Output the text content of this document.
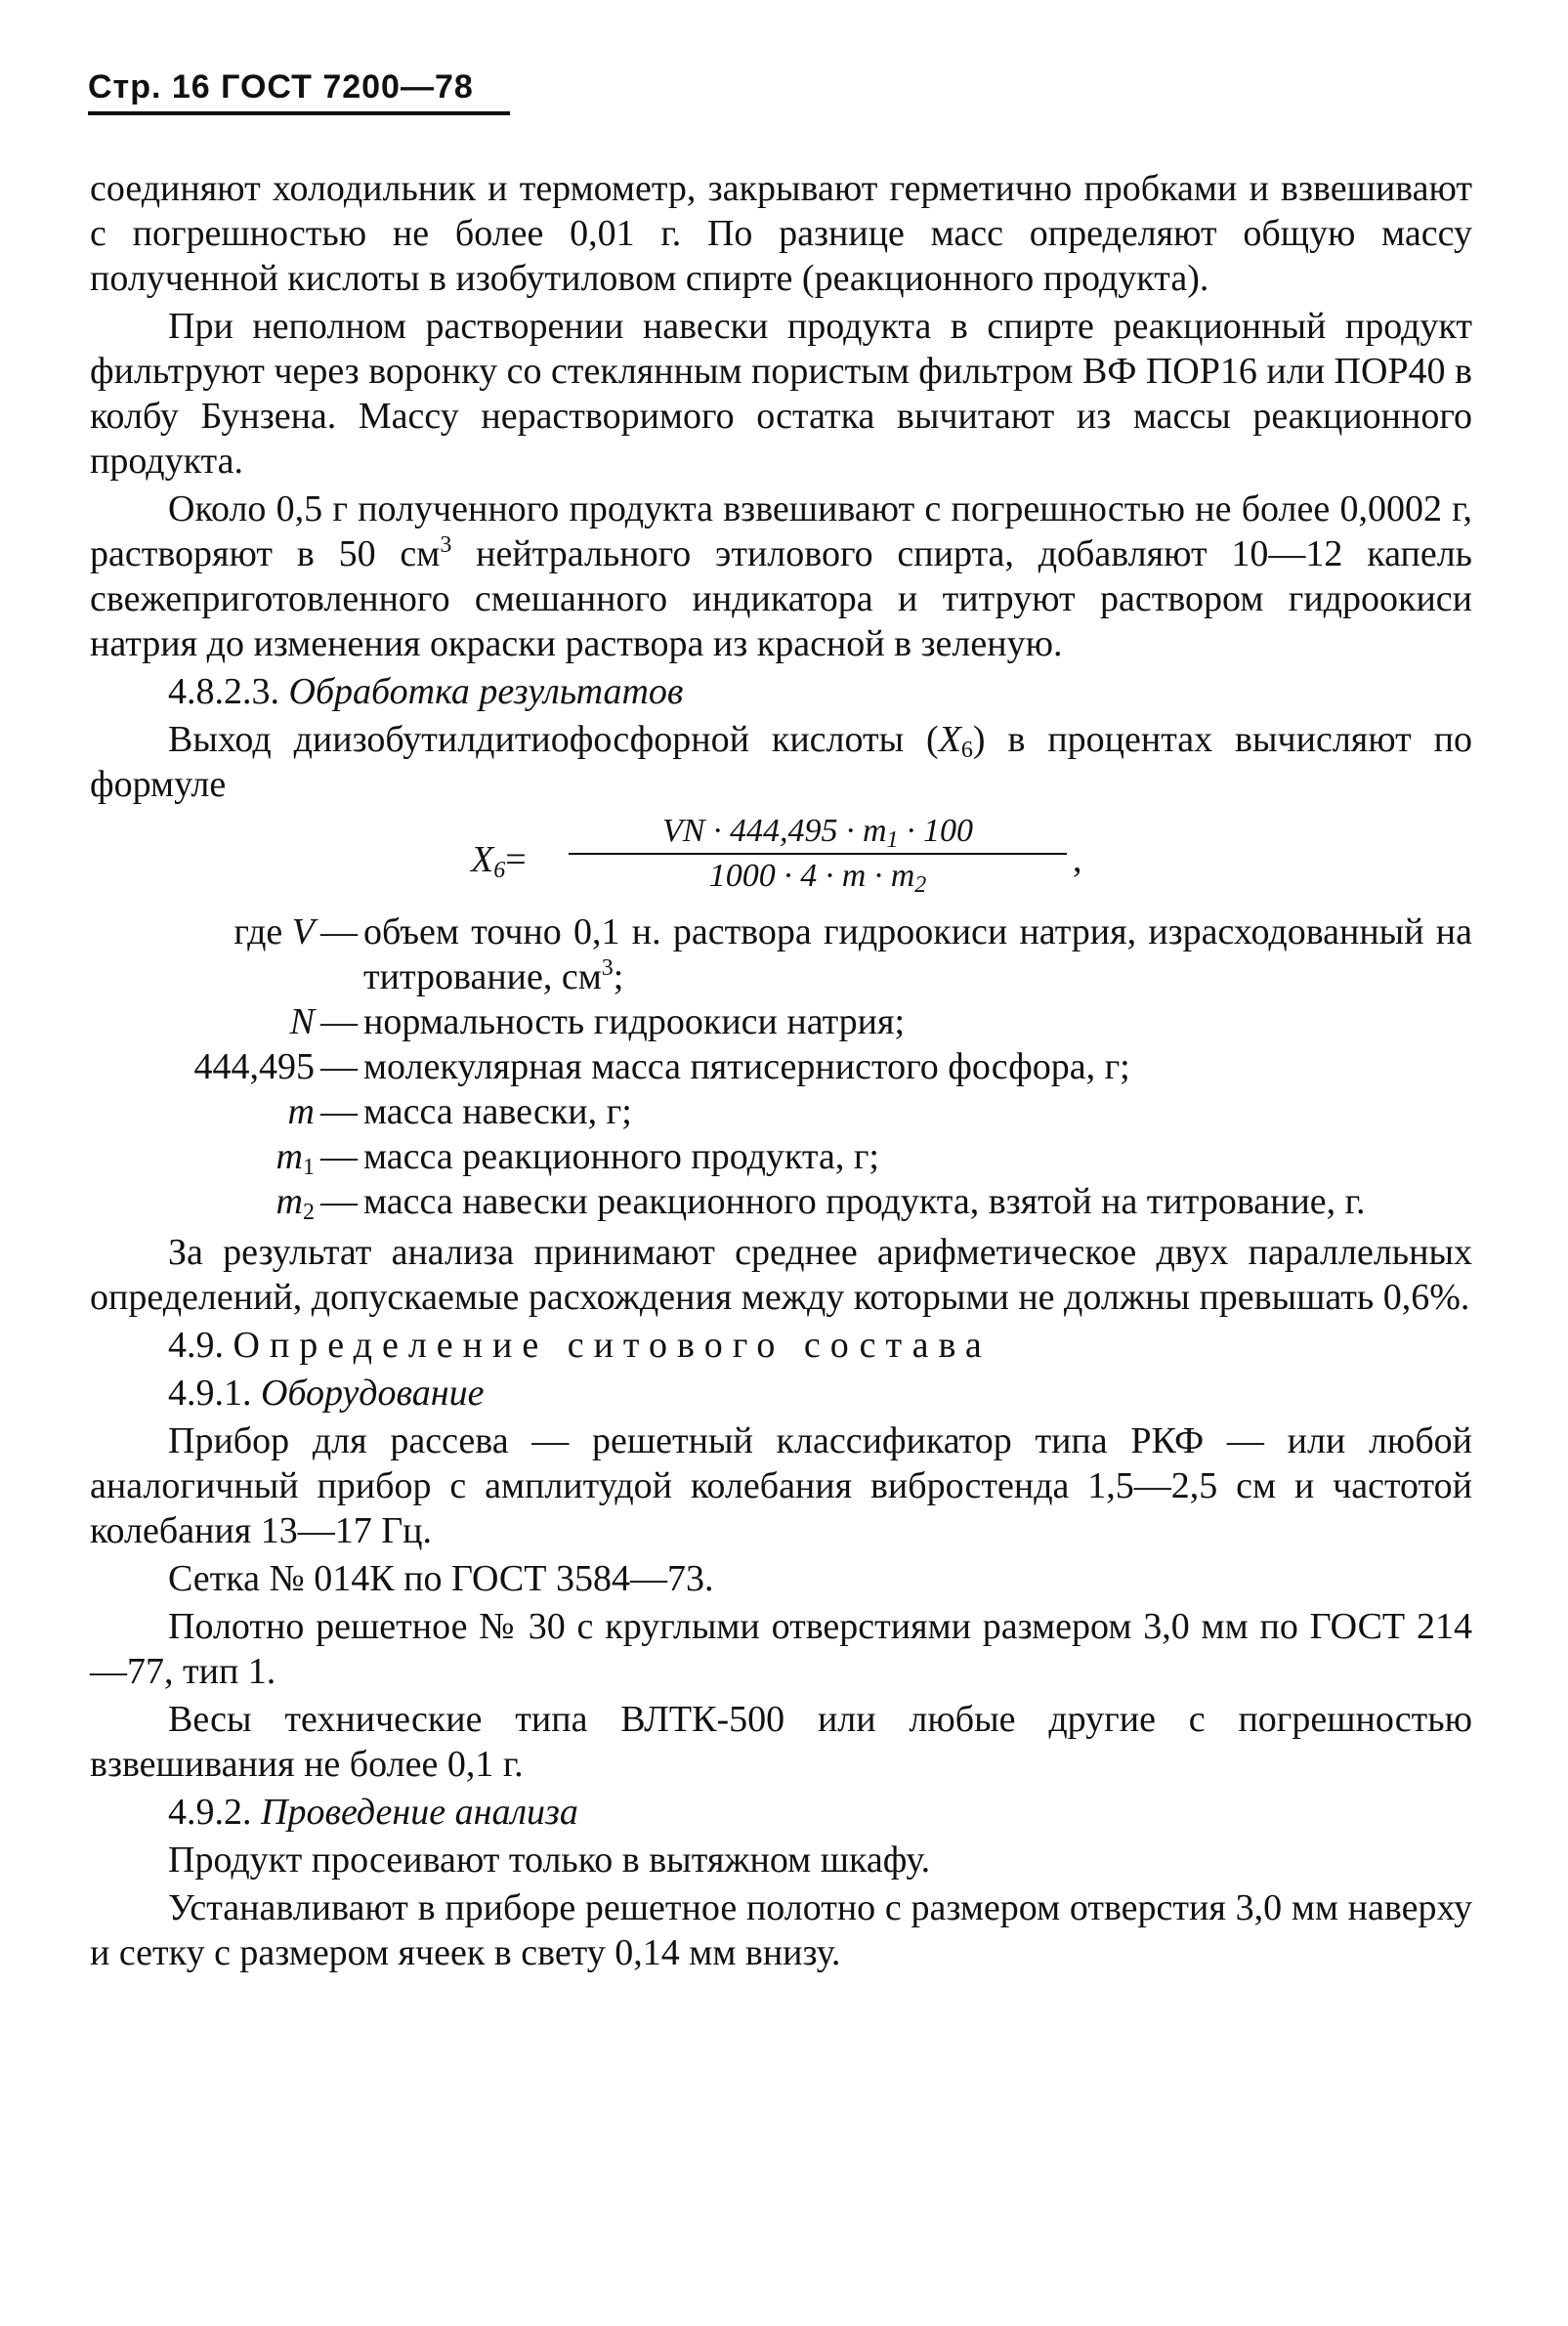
Стр. 16 ГОСТ 7200—78

соединяют холодильник и термометр, закрывают герметично пробками и взвешивают с погрешностью не более 0,01 г. По разнице масс определяют общую массу полученной кислоты в изобутиловом спирте (реакционного продукта).

При неполном растворении навески продукта в спирте реакционный продукт фильтруют через воронку со стеклянным пористым фильтром ВФ ПОР16 или ПОР40 в колбу Бунзена. Массу нерастворимого остатка вычитают из массы реакционного продукта.

Около 0,5 г полученного продукта взвешивают с погрешностью не более 0,0002 г, растворяют в 50 $см^3$ нейтрального этилового спирта, добавляют 10—12 капель свежеприготовленного смешанного индикатора и титруют раствором гидроокиси натрия до изменения окраски раствора из красной в зеленую.

4.8.2.3. Обработка результатов

Выход диизобутилдитиофосфорной кислоты $(X_6)$ в процентах вычисляют по формуле

$X_6=$
VN · $444,495 \cdot m_1 \cdot 100$
$1000 \cdot 4 \cdot m \cdot m_2$
,
где V — объем точно 0,1 н. раствора гидроокиси натрия, израсходованный на титрование, $см^3$;
N — нормальность гидроокиси натрия;
444,495 — молекулярная масса пятисернистого фосфора, г;
m — масса навески, г;
$m_1$ — масса реакционного продукта, г;
$m_2$ — масса навески реакционного продукта, взятой на титрование, г.

За результат анализа принимают среднее арифметическое двух параллельных определений, допускаемые расхождения между которыми не должны превышать 0,6%.

4.9. Определение ситового состава
4.9.1. Оборудование

Прибор для рассева — решетный классификатор типа РКФ — или любой аналогичный прибор с амплитудой колебания вибростенда 1,5—2,5 см и частотой колебания 13—17 Гц.

Сетка № 014К по ГОСТ 3584—73.

Полотно решетное № 30 с круглыми отверстиями размером 3,0 мм по ГОСТ 214—77, тип 1.

Весы технические типа ВЛТК-500 или любые другие с погрешностью взвешивания не более 0,1 г.

4.9.2. Проведение анализа

Продукт просеивают только в вытяжном шкафу.

Устанавливают в приборе решетное полотно с размером отверстия 3,0 мм наверху и сетку с размером ячеек в свету 0,14 мм внизу.
